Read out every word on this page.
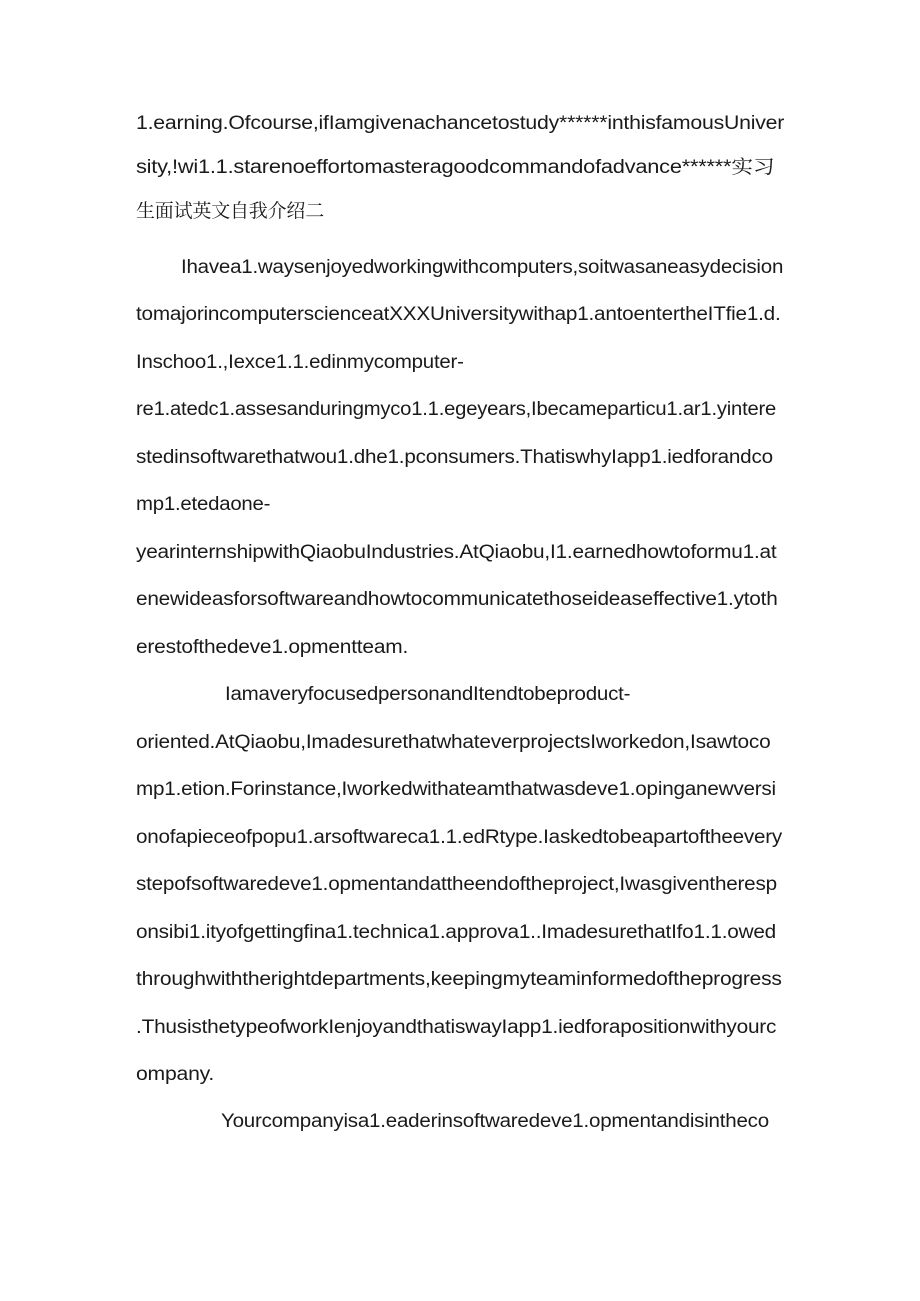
1.earning.Ofcourse,ifIamgivenachancetostudy******inthisfamousUniver
sity,!wi1.1.starenoeffortomasteragoodcommandofadvance******实习
生面试英文自我介绍二
Ihavea1.waysenjoyedworkingwithcomputers,soitwasaneasydecision
tomajorincomputerscienceatXXXUniversitywithap1.antoentertheITfie1.d.
Inschoo1.,Iexce1.1.edinmycomputer-
re1.atedc1.assesanduringmyco1.1.egeyears,Ibecameparticu1.ar1.yintere
stedinsoftwarethatwou1.dhe1.pconsumers.ThatiswhyIapp1.iedforandco
mp1.etedaone-
yearinternshipwithQiaobuIndustries.AtQiaobu,I1.earnedhowtoformu1.at
enewideasforsoftwareandhowtocommunicatethoseideaseffective1.ytoth
erestofthedeve1.opmentteam.
IamaveryfocusedpersonandItendtobeproduct-
oriented.AtQiaobu,ImadesurethatwhateverprojectsIworkedon,Isawtoco
mp1.etion.Forinstance,Iworkedwithateamthatwasdeve1.opinganewversi
onofapieceofpopu1.arsoftwareca1.1.edRtype.Iaskedtobeapartoftheevery
stepofsoftwaredeve1.opmentandattheendoftheproject,Iwasgiventheresp
onsibi1.ityofgettingfina1.technica1.approva1..ImadesurethatIfo1.1.owed
throughwiththerightdepartments,keepingmyteaminformedoftheprogress
.ThusisthetypeofworkIenjoyandthatiswayIapp1.iedforapositionwithyourc
ompany.
Yourcompanyisa1.eaderinsoftwaredeve1.opmentandisintheco
